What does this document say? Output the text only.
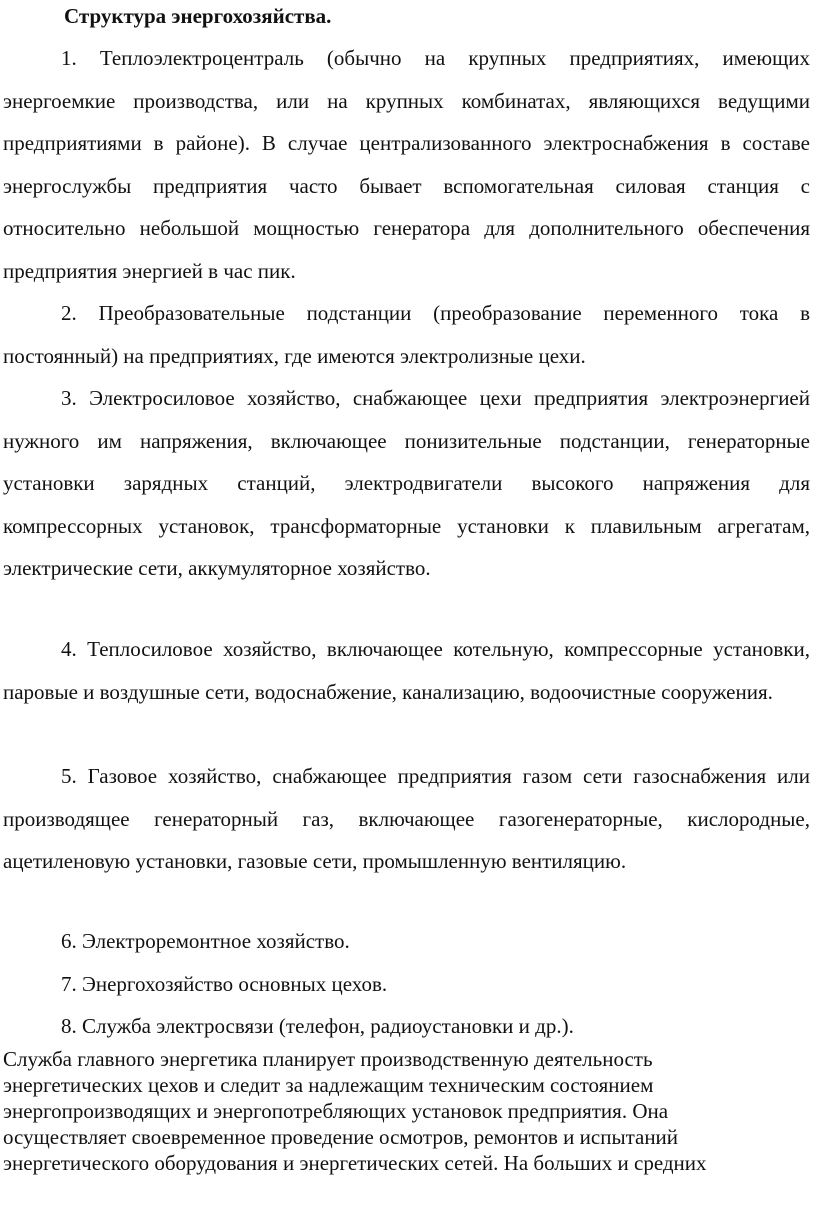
Структура энергохозяйства.

1. Теплоэлектроцентраль (обычно на крупных предприятиях, имеющих энергоемкие производства, или на крупных комбинатах, являющихся ведущими предприятиями в районе). В случае централизованного электроснабжения в составе энергослужбы предприятия часто бывает вспомогательная силовая станция с относительно небольшой мощностью генератора для дополнительного обеспечения предприятия энергией в час пик.

2. Преобразовательные подстанции (преобразование переменного тока в постоянный) на предприятиях, где имеются электролизные цехи.

3. Электросиловое хозяйство, снабжающее цехи предприятия электроэнергией нужного им напряжения, включающее понизительные подстанции, генераторные установки зарядных станций, электродвигатели высокого напряжения для компрессорных установок, трансформаторные установки к плавильным агрегатам, электрические сети, аккумуляторное хозяйство.

4. Теплосиловое хозяйство, включающее котельную, компрессорные установки, паровые и воздушные сети, водоснабжение, канализацию, водоочистные сооружения.

5. Газовое хозяйство, снабжающее предприятия газом сети газоснабжения или производящее генераторный газ, включающее газогенераторные, кислородные, ацетиленовую установки, газовые сети, промышленную вентиляцию.

6. Электроремонтное хозяйство.

7. Энергохозяйство основных цехов.

8. Служба электросвязи (телефон, радиоустановки и др.).

Служба главного энергетика планирует производственную деятельность энергетических цехов и следит за надлежащим техническим состоянием энергопроизводящих и энергопотребляющих установок предприятия. Она осуществляет своевременное проведение осмотров, ремонтов и испытаний энергетического оборудования и энергетических сетей. На больших и средних
